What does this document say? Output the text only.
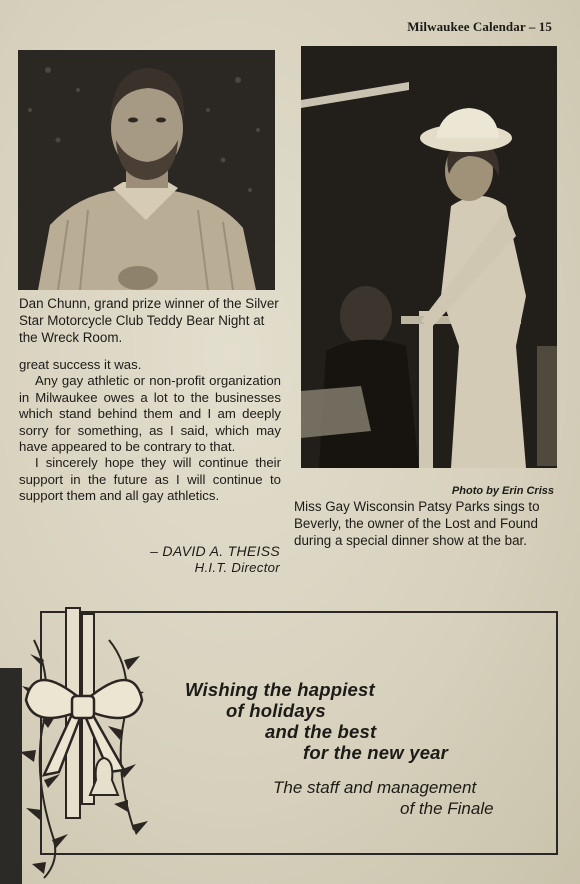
Milwaukee Calendar – 15
Dan Chunn, grand prize winner of the Silver Star Motorcycle Club Teddy Bear Night at the Wreck Room.

great success it was.

Any gay athletic or non-profit organization in Milwaukee owes a lot to the businesses which stand behind them and I am deeply sorry for something, as I said, which may have appeared to be contrary to that.

I sincerely hope they will continue their support in the future as I will continue to support them and all gay athletics.

– DAVID A. THEISS
H.I.T. Director
Photo by Erin Criss
Miss Gay Wisconsin Patsy Parks sings to Beverly, the owner of the Lost and Found during a special dinner show at the bar.
Wishing the happiest
of holidays
and the best
for the new year
The staff and management
of the Finale
